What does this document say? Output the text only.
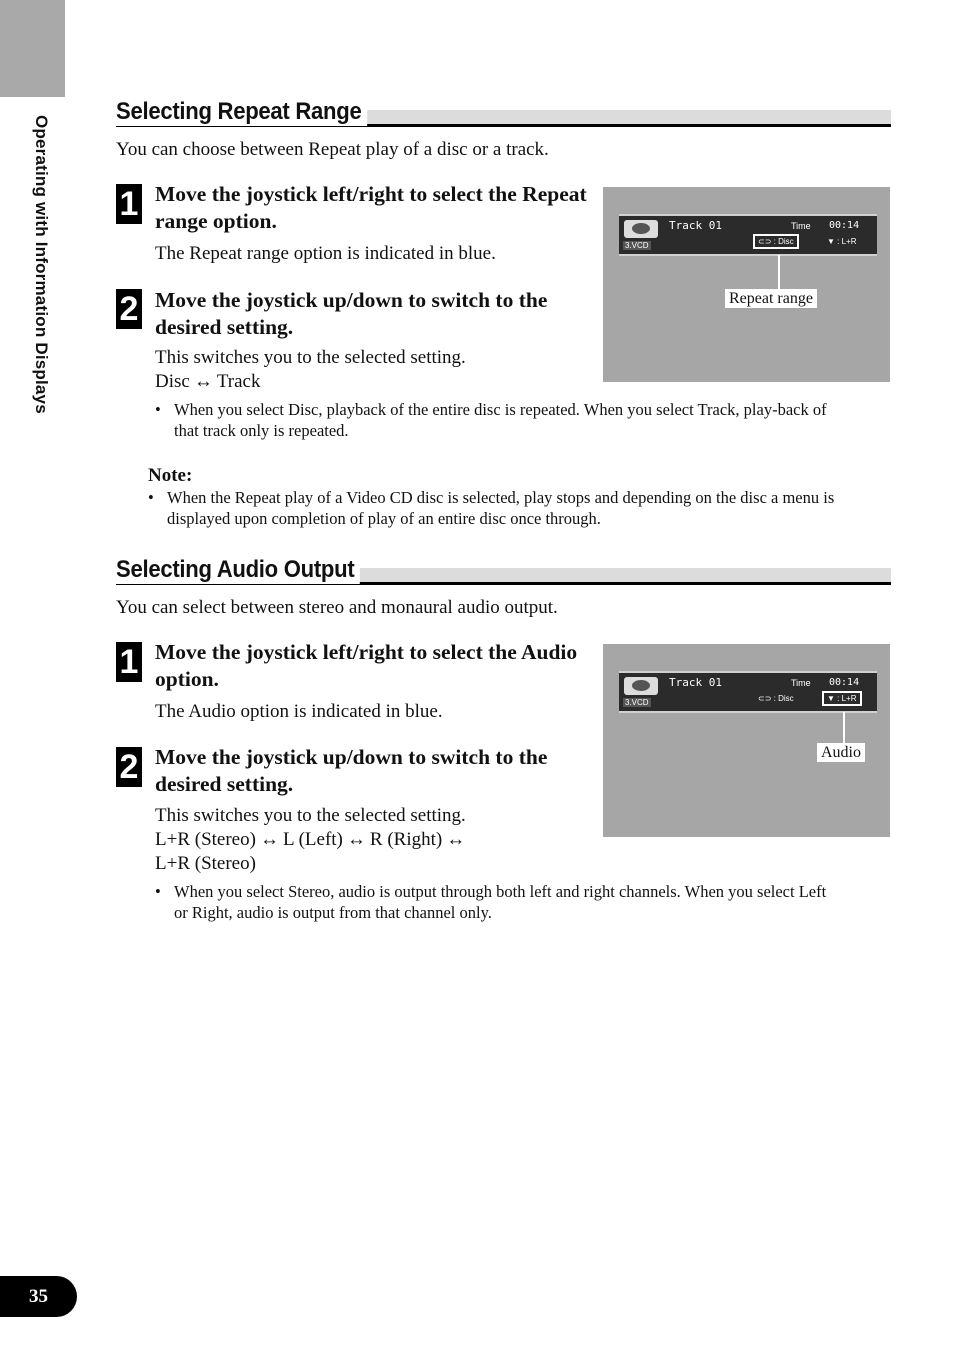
Operating with Information Displays
Selecting Repeat Range
You can choose between Repeat play of a disc or a track.
1 Move the joystick left/right to select the Repeat range option.
The Repeat range option is indicated in blue.
2 Move the joystick up/down to switch to the desired setting.
This switches you to the selected setting.
Disc ↔ Track
• When you select Disc, playback of the entire disc is repeated. When you select Track, play-back of that track only is repeated.
Note:
• When the Repeat play of a Video CD disc is selected, play stops and depending on the disc a menu is displayed upon completion of play of an entire disc once through.
3.VCD
Track 01	Time 00:14
⊂⊃ : Disc	▼ : L+R
Repeat range
Selecting Audio Output
You can select between stereo and monaural audio output.
1 Move the joystick left/right to select the Audio option.
The Audio option is indicated in blue.
2 Move the joystick up/down to switch to the desired setting.
This switches you to the selected setting.
L+R (Stereo) ↔ L (Left) ↔ R (Right) ↔
L+R (Stereo)
• When you select Stereo, audio is output through both left and right channels. When you select Left or Right, audio is output from that channel only.
3.VCD
Track 01	Time 00:14
⊂⊃ : Disc	▼ : L+R
Audio
35
